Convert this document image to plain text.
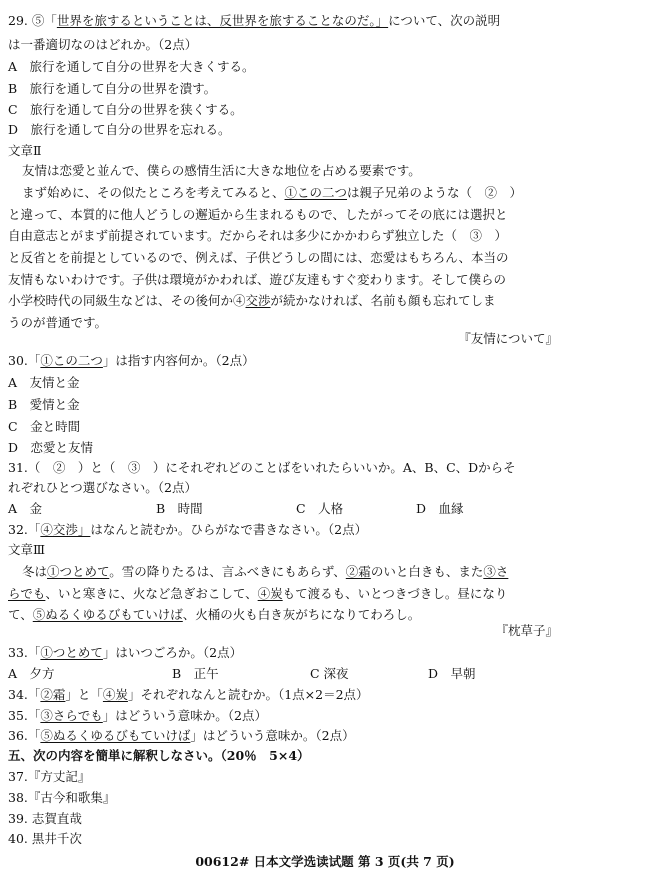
29. ⑤「世界を旅するということは、反世界を旅することなのだ。」について、次の説明
は一番適切なのはどれか。（2点）
A　旅行を通して自分の世界を大きくする。
B　旅行を通して自分の世界を潰す。
C　旅行を通して自分の世界を狭くする。
D　旅行を通して自分の世界を忘れる。
文章Ⅱ
友情は恋愛と並んで、僕らの感情生活に大きな地位を占める要素です。
まず始めに、その似たところを考えてみると、①この二つは親子兄弟のような（　②　）
と違って、本質的に他人どうしの邂逅から生まれるもので、したがってその底には選択と
自由意志とがまず前提されています。だからそれは多少にかかわらず独立した（　③　）
と反省とを前提としているので、例えば、子供どうしの間には、恋愛はもちろん、本当の
友情もないわけです。子供は環境がかわれば、遊び友達もすぐ変わります。そして僕らの
小学校時代の同級生などは、その後何か④交渉が続かなければ、名前も顔も忘れてしま
うのが普通です。
『友情について』
30.「①この二つ」は指す内容何か。（2点）
A　友情と金
B　愛情と金
C　金と時間
D　恋愛と友情
31.（　②　）と（　③　）にそれぞれどのことばをいれたらいいか。A、B、C、Dからそ
れぞれひとつ選びなさい。（2点）
A　金	B　時間	C　人格	D　血縁
32.「④交渉」はなんと読むか。ひらがなで書きなさい。（2点）
文章Ⅲ
冬は①つとめて。雪の降りたるは、言ふべきにもあらず、②霜のいと白きも、また③さ
らでも、いと寒きに、火など急ぎおこして、④炭もて渡るも、いとつきづきし。昼になり
て、⑤ぬるくゆるびもていけば、火桶の火も白き灰がちになりてわろし。
『枕草子』
33.「①つとめて」はいつごろか。（2点）
A　夕方	B　正午	C 深夜	D　早朝
34.「②霜」と「④炭」それぞれなんと読むか。（1点×2＝2点）
35.「③さらでも」はどういう意味か。（2点）
36.「⑤ぬるくゆるびもていけば」はどういう意味か。（2点）
五、次の内容を簡単に解釈しなさい。（20％　5×4）
37.『方丈記』
38.『古今和歌集』
39. 志賀直哉
40. 黒井千次
00612# 日本文学选读试题 第 3 页(共 7 页)
